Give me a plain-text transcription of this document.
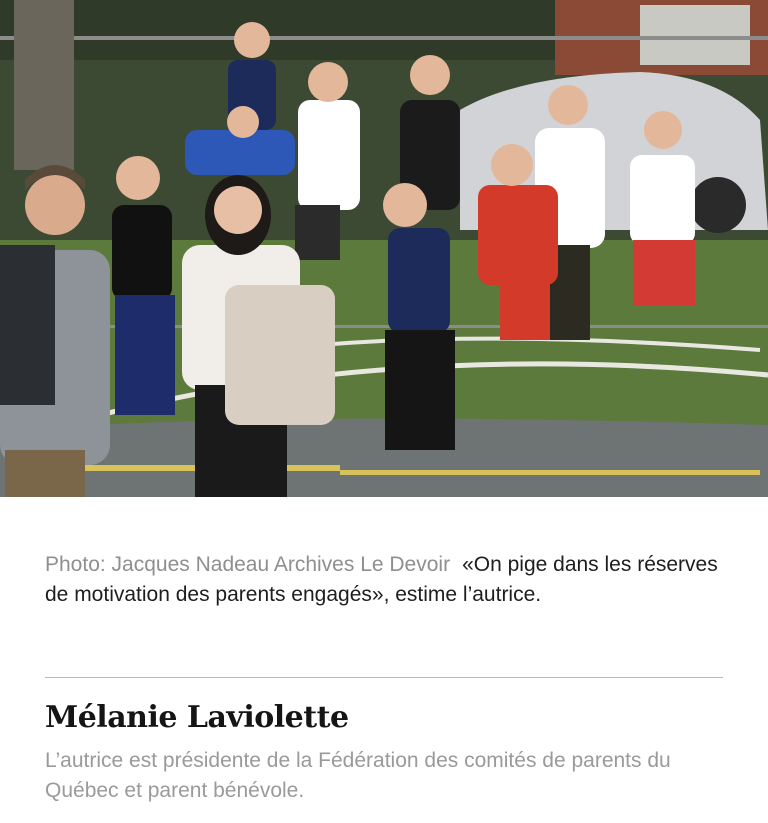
Photo: Jacques Nadeau Archives Le Devoir «On pige dans les réserves de motivation des parents engagés», estime l’autrice.

Mélanie Laviolette

L’autrice est présidente de la Fédération des comités de parents du Québec et parent bénévole.
